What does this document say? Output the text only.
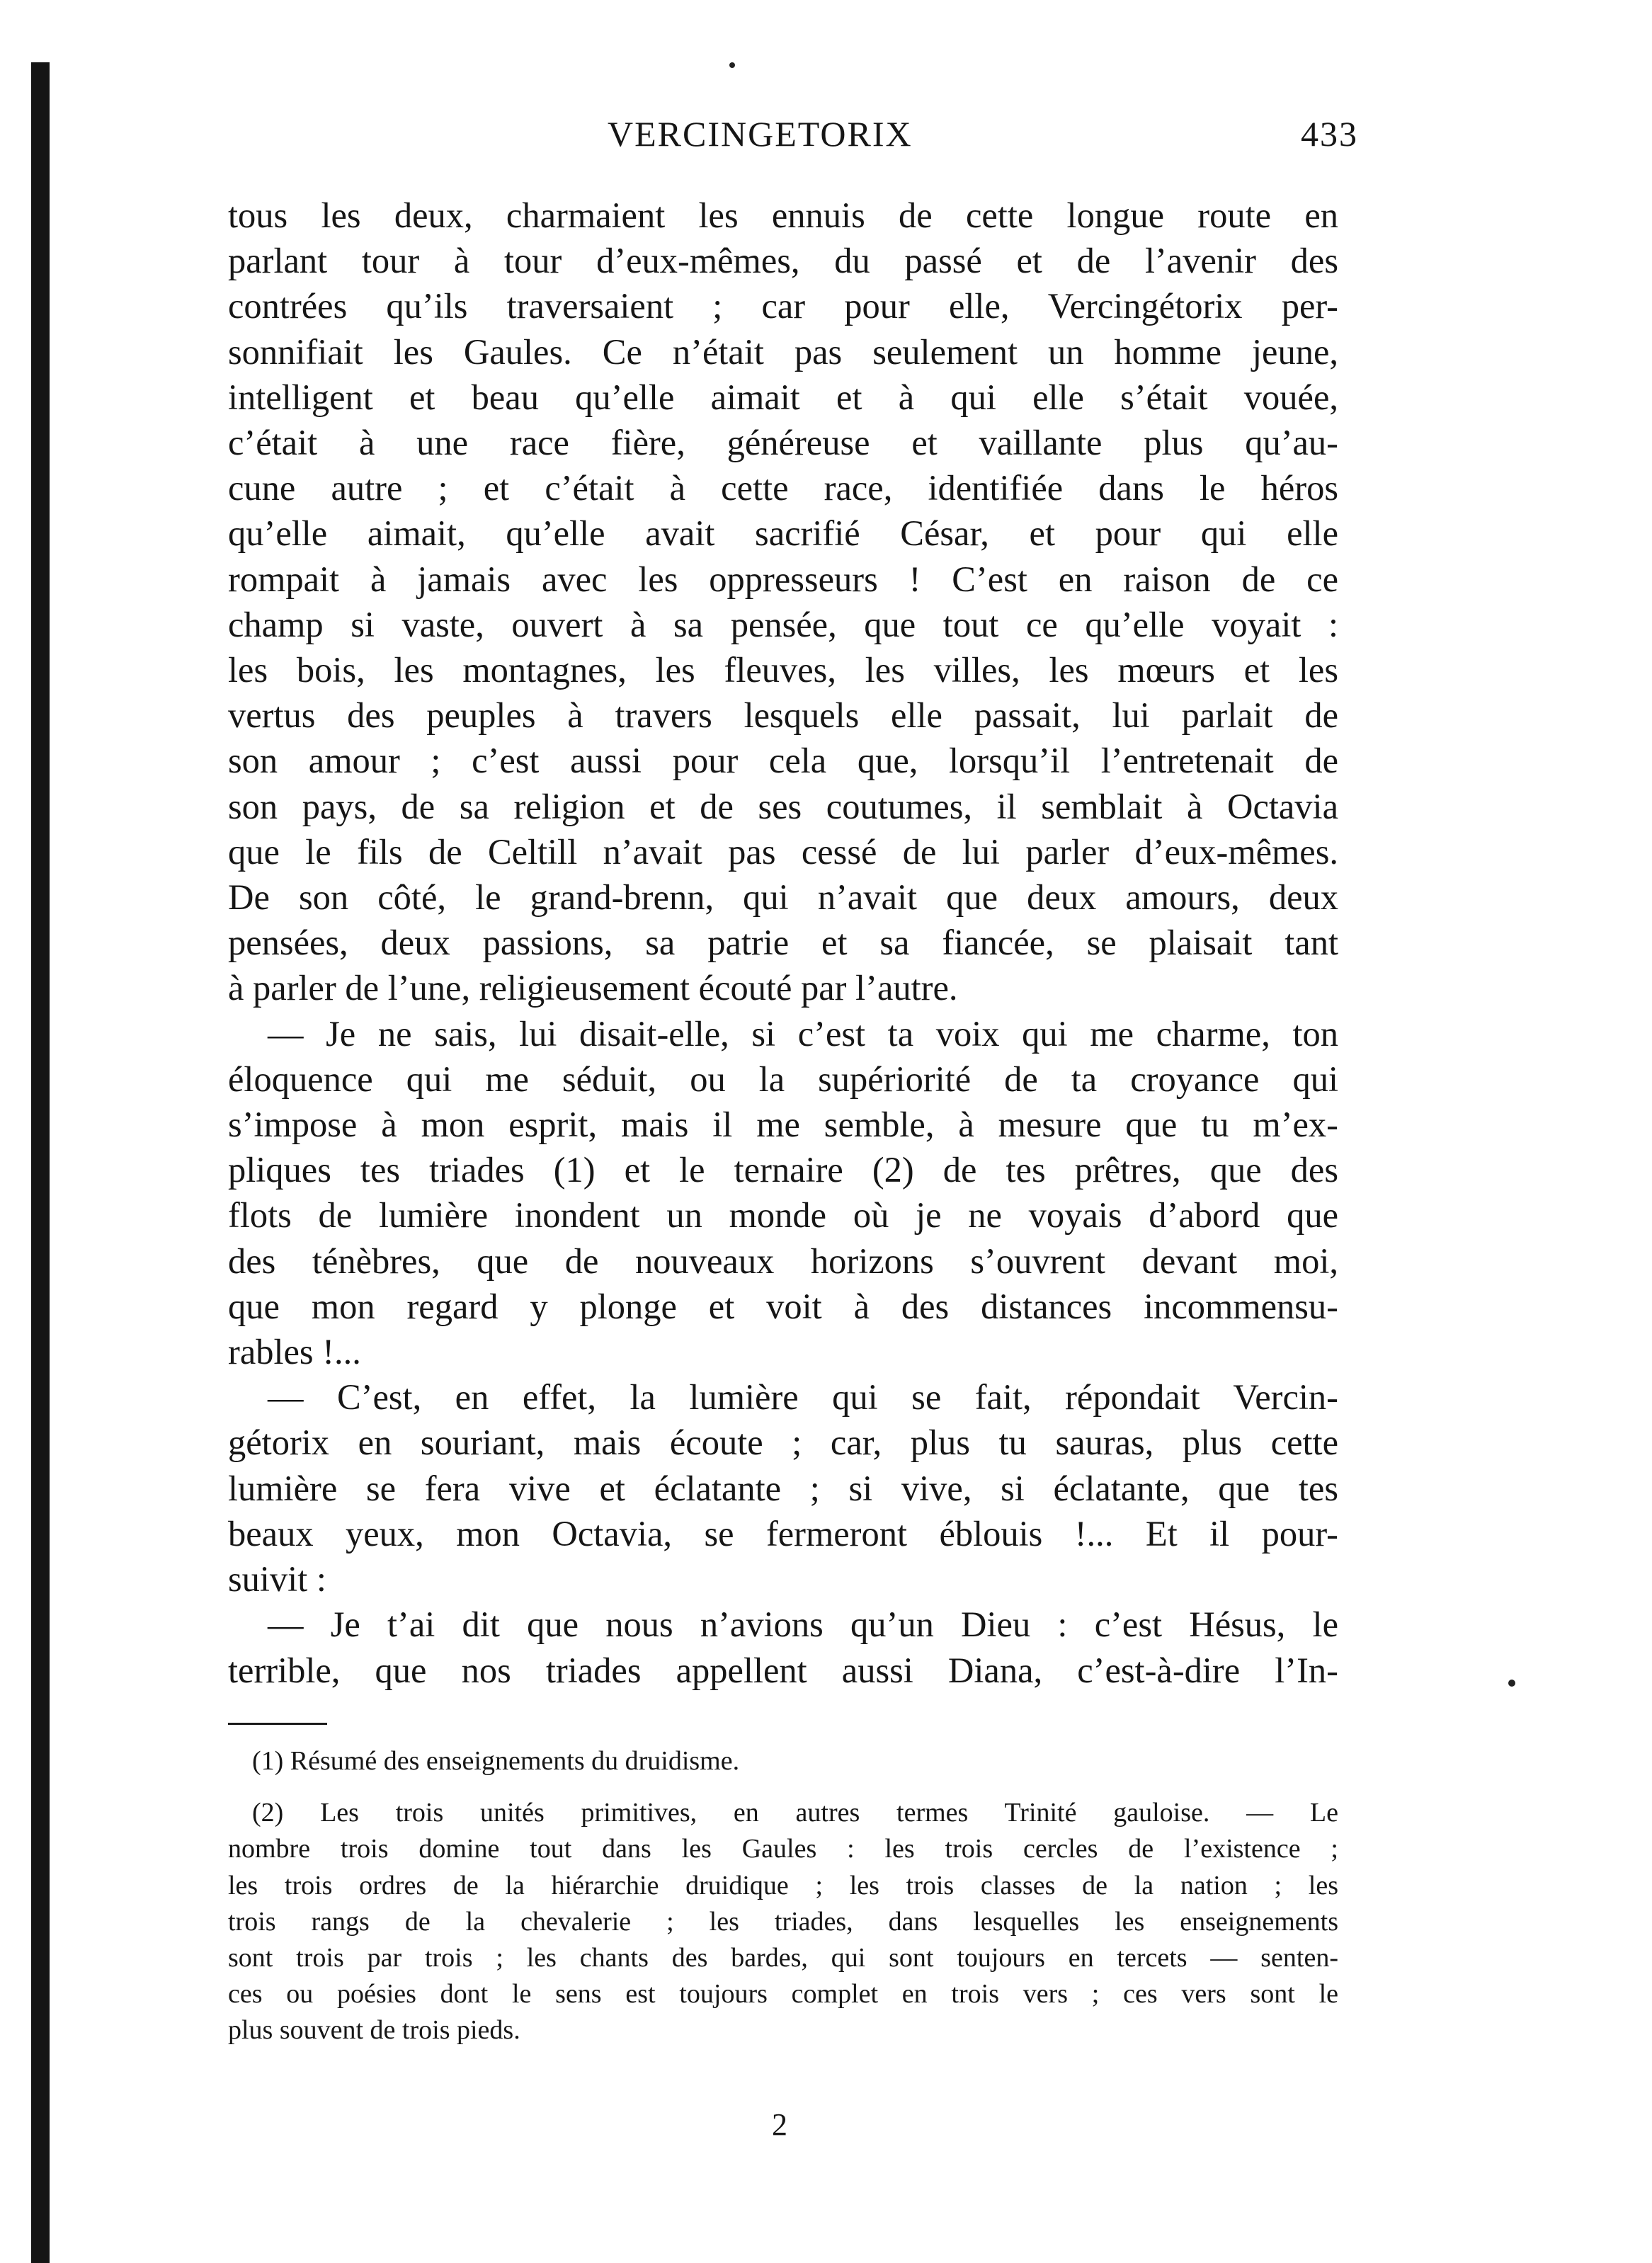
VERCINGETORIX	433

tous les deux, charmaient les ennuis de cette longue route en

parlant tour à tour d’eux-mêmes, du passé et de l’avenir des

contrées qu’ils traversaient ; car pour elle, Vercingétorix per-

sonnifiait les Gaules. Ce n’était pas seulement un homme jeune,

intelligent et beau qu’elle aimait et à qui elle s’était vouée,

c’était à une race fière, généreuse et vaillante plus qu’au-

cune autre ; et c’était à cette race, identifiée dans le héros

qu’elle aimait, qu’elle avait sacrifié César, et pour qui elle

rompait à jamais avec les oppresseurs ! C’est en raison de ce

champ si vaste, ouvert à sa pensée, que tout ce qu’elle voyait :

les bois, les montagnes, les fleuves, les villes, les mœurs et les

vertus des peuples à travers lesquels elle passait, lui parlait de

son amour ; c’est aussi pour cela que, lorsqu’il l’entretenait de

son pays, de sa religion et de ses coutumes, il semblait à Octavia

que le fils de Celtill n’avait pas cessé de lui parler d’eux-mêmes.

De son côté, le grand-brenn, qui n’avait que deux amours, deux

pensées, deux passions, sa patrie et sa fiancée, se plaisait tant

à parler de l’une, religieusement écouté par l’autre.

— Je ne sais, lui disait-elle, si c’est ta voix qui me charme, ton

éloquence qui me séduit, ou la supériorité de ta croyance qui

s’impose à mon esprit, mais il me semble, à mesure que tu m’ex-

pliques tes triades (1) et le ternaire (2) de tes prêtres, que des

flots de lumière inondent un monde où je ne voyais d’abord que

des ténèbres, que de nouveaux horizons s’ouvrent devant moi,

que mon regard y plonge et voit à des distances incommensu-

rables !...

— C’est, en effet, la lumière qui se fait, répondait Vercin-

gétorix en souriant, mais écoute ; car, plus tu sauras, plus cette

lumière se fera vive et éclatante ; si vive, si éclatante, que tes

beaux yeux, mon Octavia, se fermeront éblouis !... Et il pour-

suivit :

— Je t’ai dit que nous n’avions qu’un Dieu : c’est Hésus, le

terrible, que nos triades appellent aussi Diana, c’est-à-dire l’In-

(1) Résumé des enseignements du druidisme.

(2) Les trois unités primitives, en autres termes Trinité gauloise. — Le

nombre trois domine tout dans les Gaules : les trois cercles de l’existence ;

les trois ordres de la hiérarchie druidique ; les trois classes de la nation ; les

trois rangs de la chevalerie ; les triades, dans lesquelles les enseignements

sont trois par trois ; les chants des bardes, qui sont toujours en tercets — senten-

ces ou poésies dont le sens est toujours complet en trois vers ; ces vers sont le

plus souvent de trois pieds.

2
